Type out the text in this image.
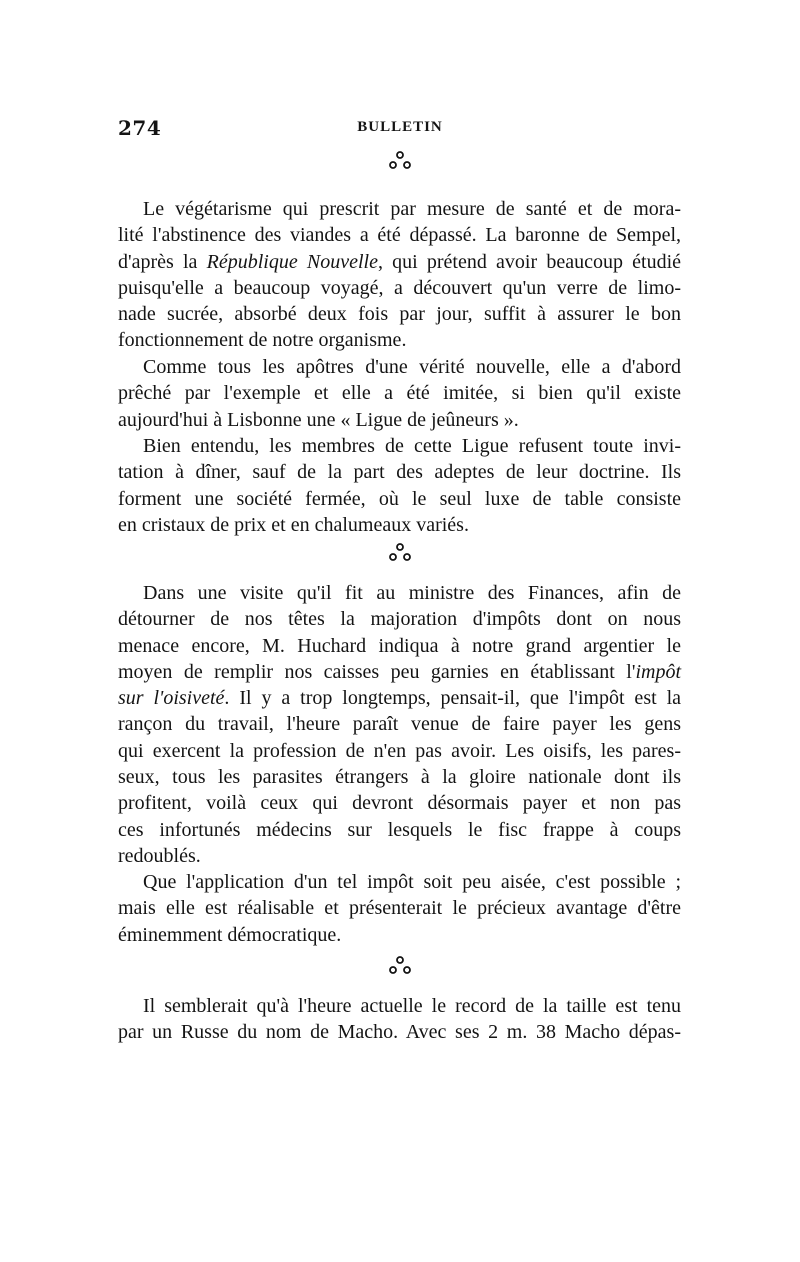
274	BULLETIN
Le végétarisme qui prescrit par mesure de santé et de mora-
lité l'abstinence des viandes a été dépassé. La baronne de Sempel,
d'après la République Nouvelle, qui prétend avoir beaucoup étudié
puisqu'elle a beaucoup voyagé, a découvert qu'un verre de limo-
nade sucrée, absorbé deux fois par jour, suffit à assurer le bon
fonctionnement de notre organisme.
Comme tous les apôtres d'une vérité nouvelle, elle a d'abord
prêché par l'exemple et elle a été imitée, si bien qu'il existe
aujourd'hui à Lisbonne une « Ligue de jeûneurs ».
Bien entendu, les membres de cette Ligue refusent toute invi-
tation à dîner, sauf de la part des adeptes de leur doctrine. Ils
forment une société fermée, où le seul luxe de table consiste
en cristaux de prix et en chalumeaux variés.
Dans une visite qu'il fit au ministre des Finances, afin de
détourner de nos têtes la majoration d'impôts dont on nous
menace encore, M. Huchard indiqua à notre grand argentier le
moyen de remplir nos caisses peu garnies en établissant l'impôt
sur l'oisiveté. Il y a trop longtemps, pensait-il, que l'impôt est la
rançon du travail, l'heure paraît venue de faire payer les gens
qui exercent la profession de n'en pas avoir. Les oisifs, les pares-
seux, tous les parasites étrangers à la gloire nationale dont ils
profitent, voilà ceux qui devront désormais payer et non pas
ces infortunés médecins sur lesquels le fisc frappe à coups
redoublés.
Que l'application d'un tel impôt soit peu aisée, c'est possible ;
mais elle est réalisable et présenterait le précieux avantage d'être
éminemment démocratique.
Il semblerait qu'à l'heure actuelle le record de la taille est tenu
par un Russe du nom de Macho. Avec ses 2 m. 38 Macho dépas-
